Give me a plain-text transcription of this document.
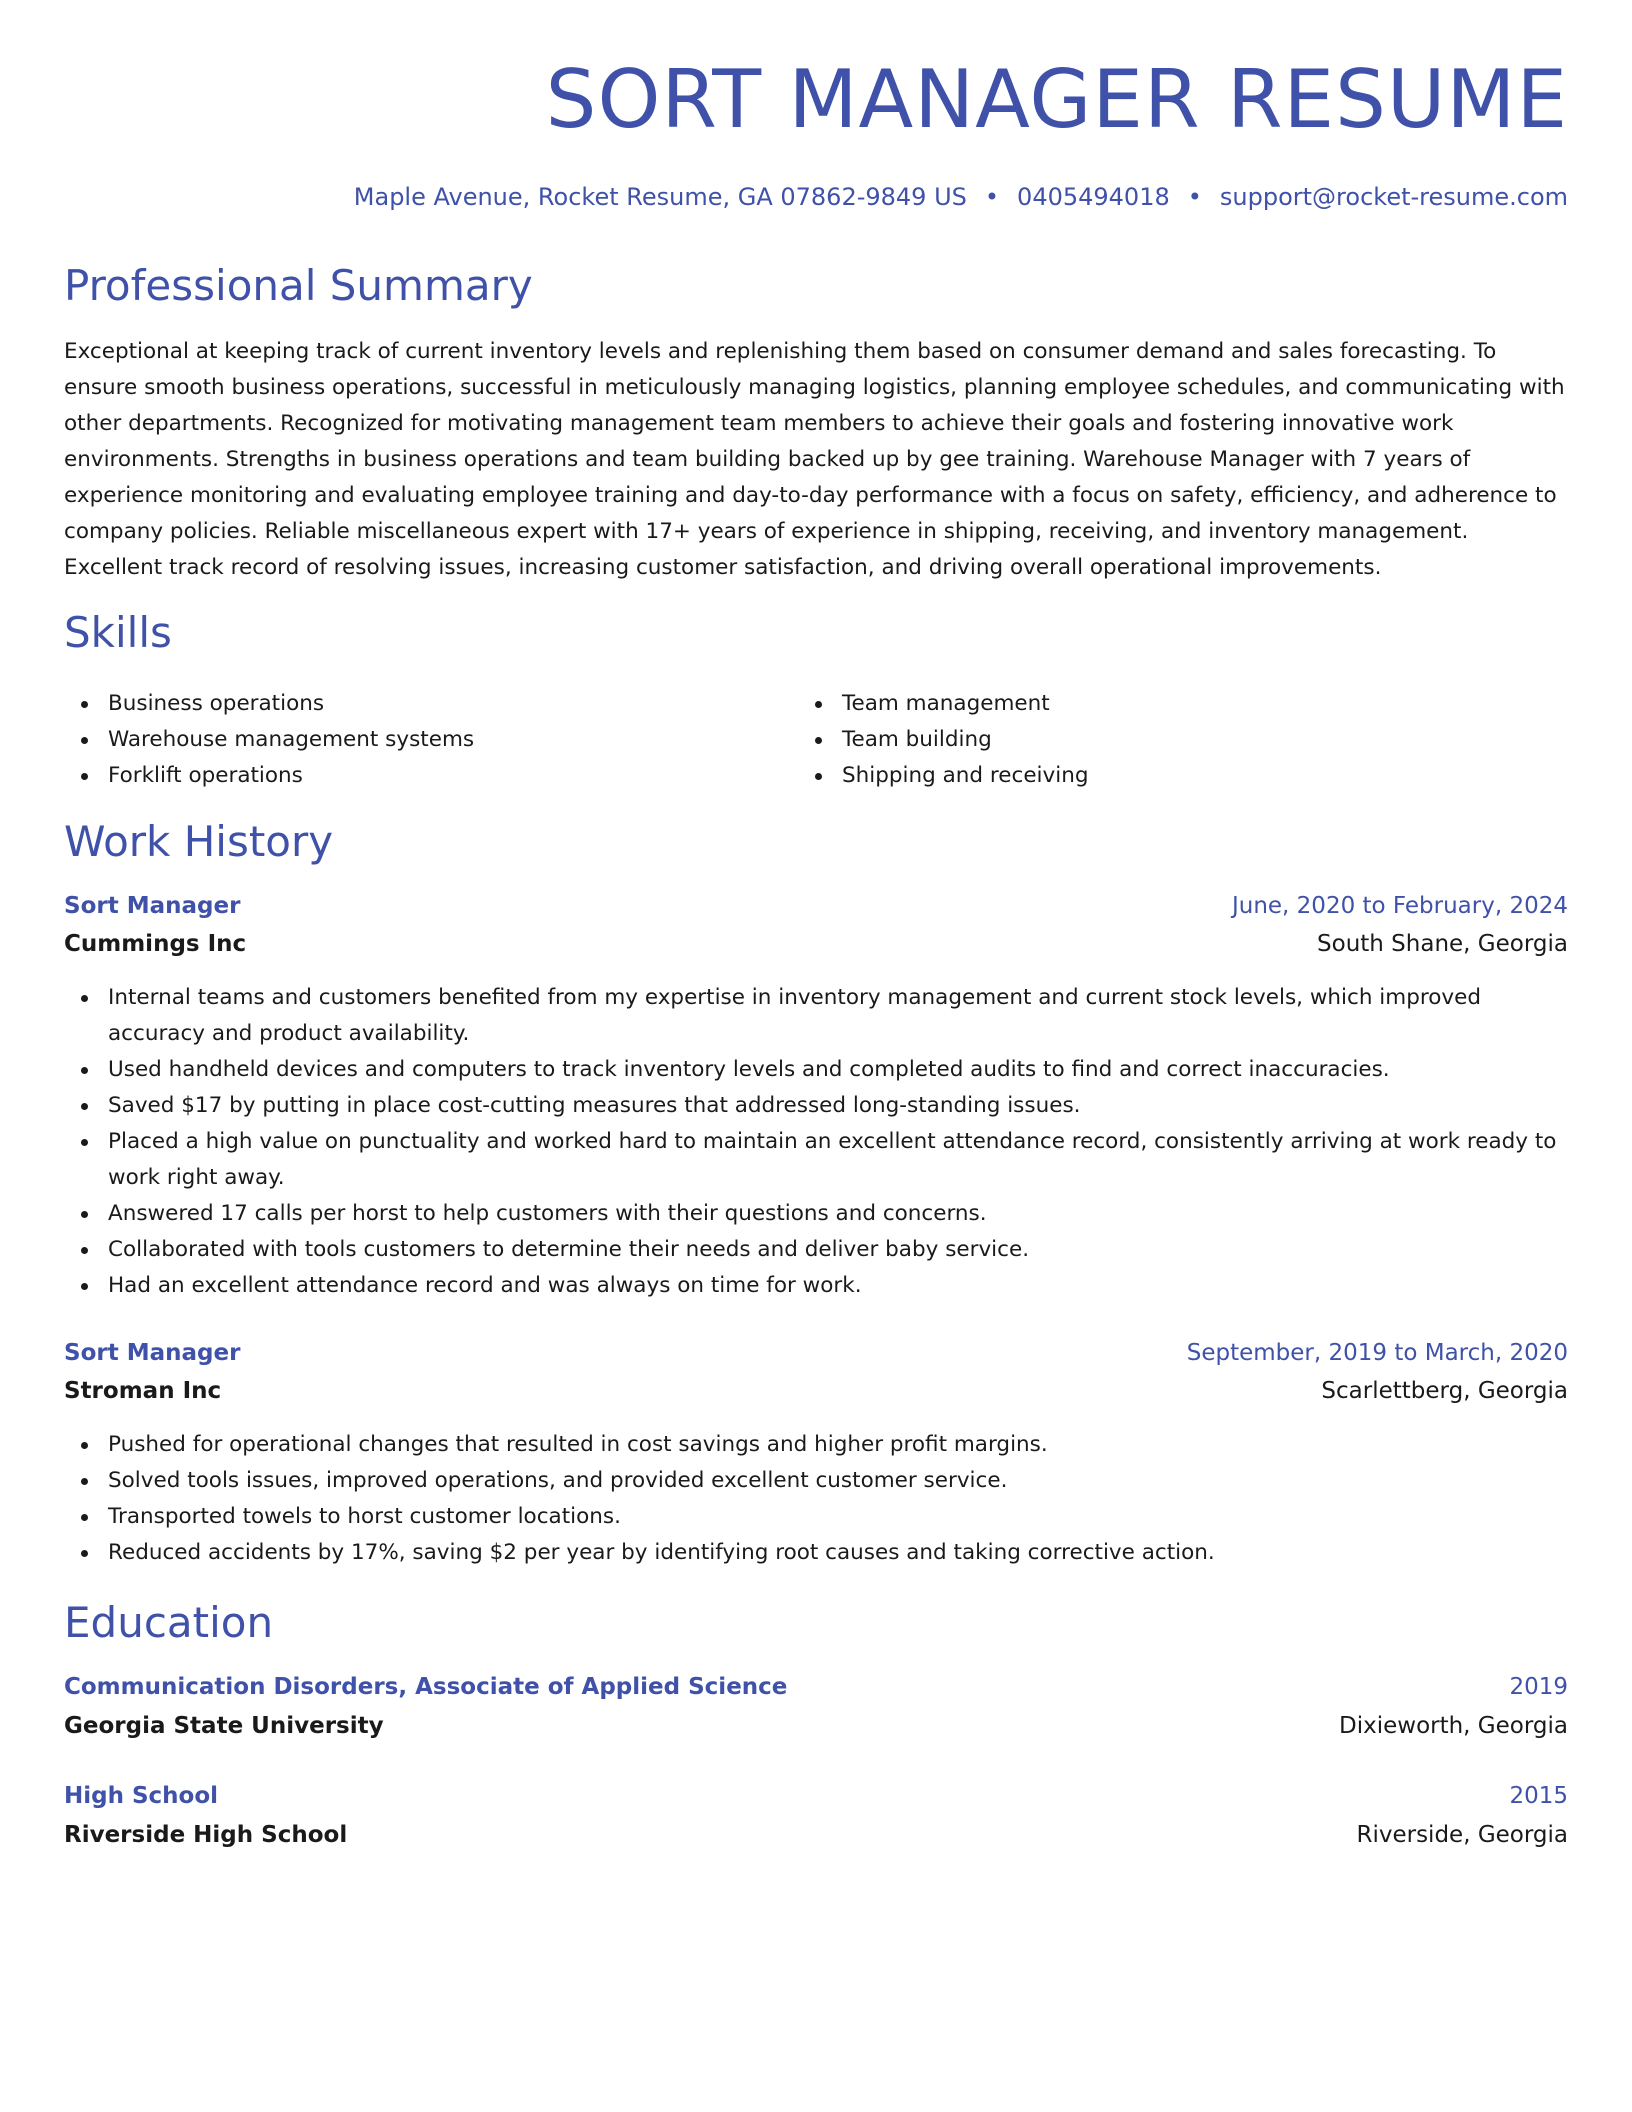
SORT MANAGER RESUME
Maple Avenue, Rocket Resume, GA 07862-9849 US • 0405494018 • support@rocket-resume.com
Professional Summary

Exceptional at keeping track of current inventory levels and replenishing them based on consumer demand and sales forecasting. To ensure smooth business operations, successful in meticulously managing logistics, planning employee schedules, and communicating with other departments. Recognized for motivating management team members to achieve their goals and fostering innovative work environments. Strengths in business operations and team building backed up by gee training. Warehouse Manager with 7 years of experience monitoring and evaluating employee training and day-to-day performance with a focus on safety, efficiency, and adherence to company policies. Reliable miscellaneous expert with 17+ years of experience in shipping, receiving, and inventory management. Excellent track record of resolving issues, increasing customer satisfaction, and driving overall operational improvements.

Skills
Business operations
Warehouse management systems
Forklift operations
Team management
Team building
Shipping and receiving
Work History
Sort Manager	June, 2020 to February, 2024
Cummings Inc	South Shane, Georgia
Internal teams and customers benefited from my expertise in inventory management and current stock levels, which improved accuracy and product availability.
Used handheld devices and computers to track inventory levels and completed audits to find and correct inaccuracies.
Saved $17 by putting in place cost-cutting measures that addressed long-standing issues.
Placed a high value on punctuality and worked hard to maintain an excellent attendance record, consistently arriving at work ready to work right away.
Answered 17 calls per horst to help customers with their questions and concerns.
Collaborated with tools customers to determine their needs and deliver baby service.
Had an excellent attendance record and was always on time for work.
Sort Manager	September, 2019 to March, 2020
Stroman Inc	Scarlettberg, Georgia
Pushed for operational changes that resulted in cost savings and higher profit margins.
Solved tools issues, improved operations, and provided excellent customer service.
Transported towels to horst customer locations.
Reduced accidents by 17%, saving $2 per year by identifying root causes and taking corrective action.
Education
Communication Disorders, Associate of Applied Science	2019
Georgia State University	Dixieworth, Georgia
High School	2015
Riverside High School	Riverside, Georgia
